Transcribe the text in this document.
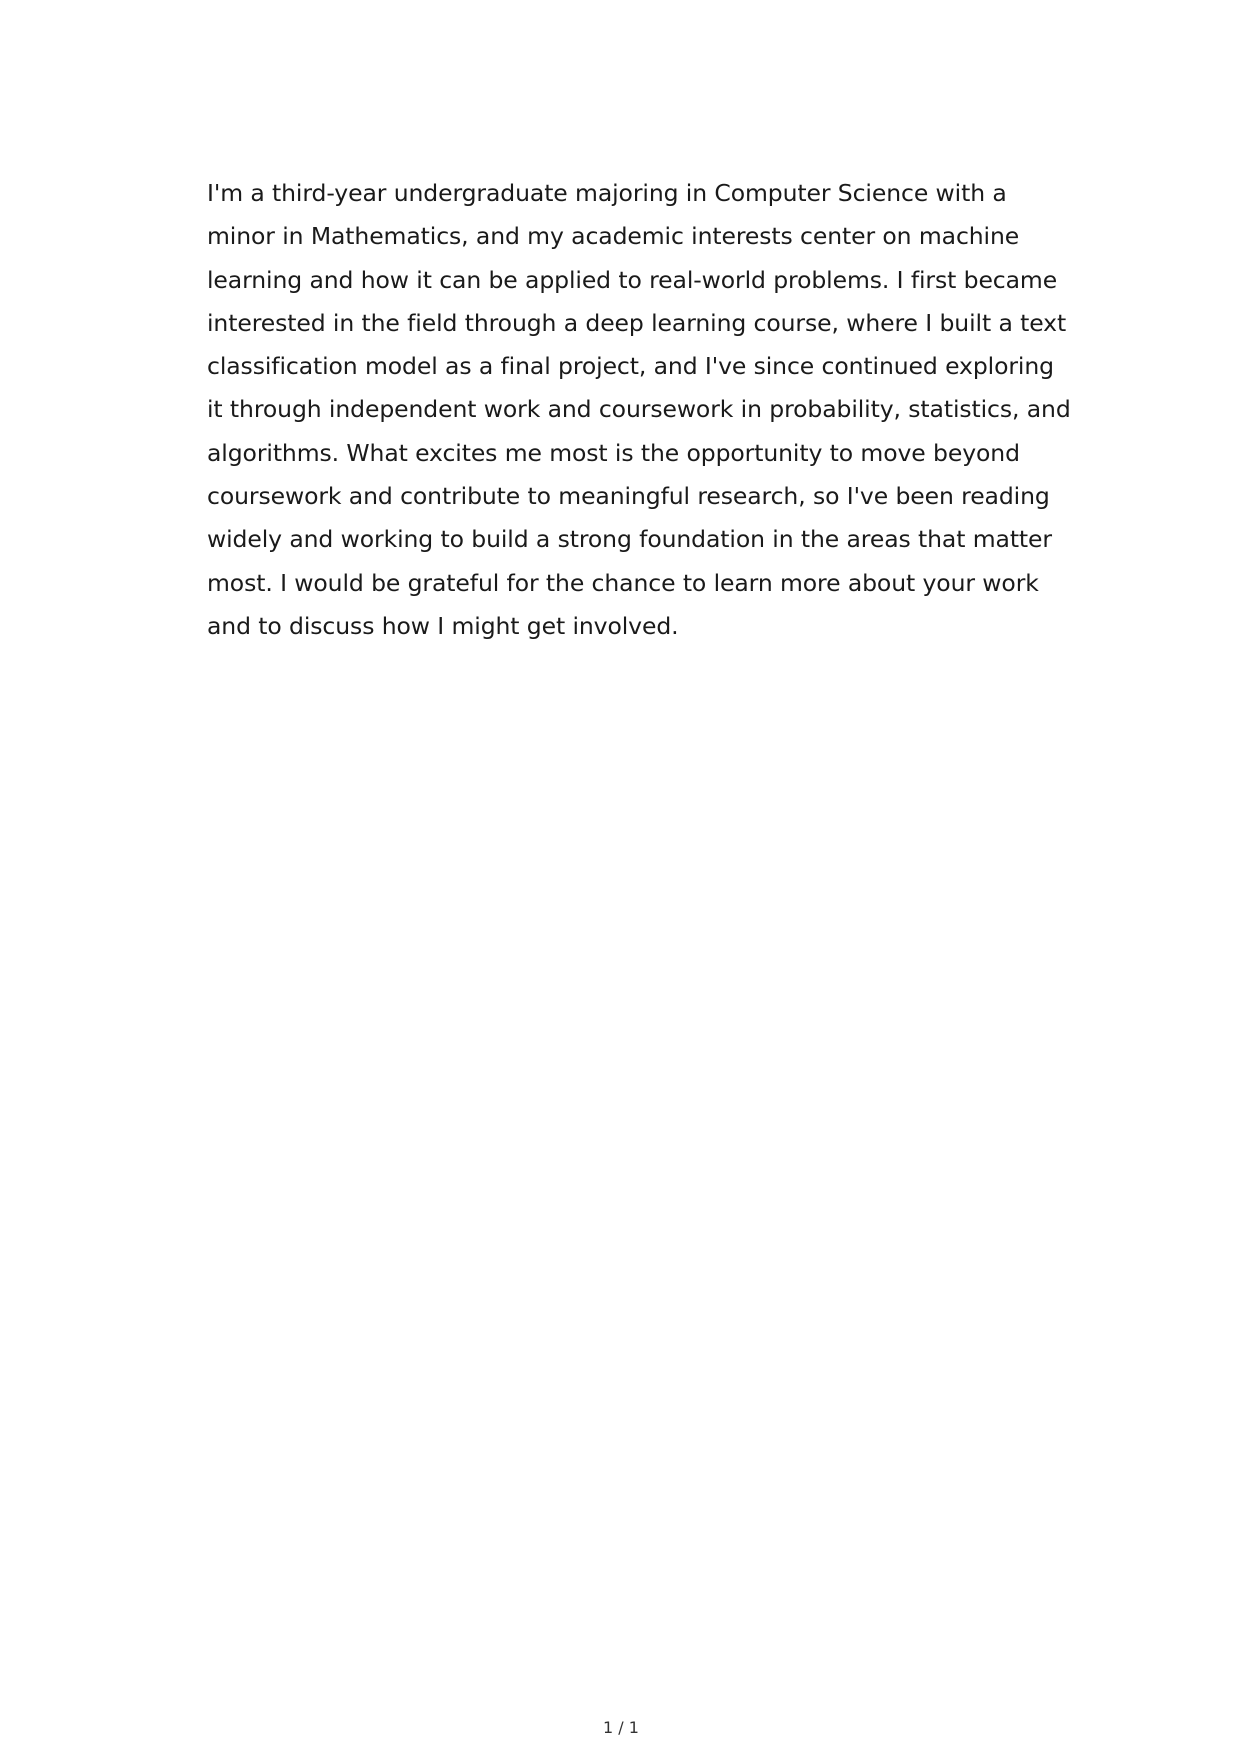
I'm a third-year undergraduate majoring in Computer Science with a
minor in Mathematics, and my academic interests center on machine
learning and how it can be applied to real-world problems. I first became
interested in the field through a deep learning course, where I built a text
classification model as a final project, and I've since continued exploring
it through independent work and coursework in probability, statistics, and
algorithms. What excites me most is the opportunity to move beyond
coursework and contribute to meaningful research, so I've been reading
widely and working to build a strong foundation in the areas that matter
most. I would be grateful for the chance to learn more about your work
and to discuss how I might get involved.

1 / 1
